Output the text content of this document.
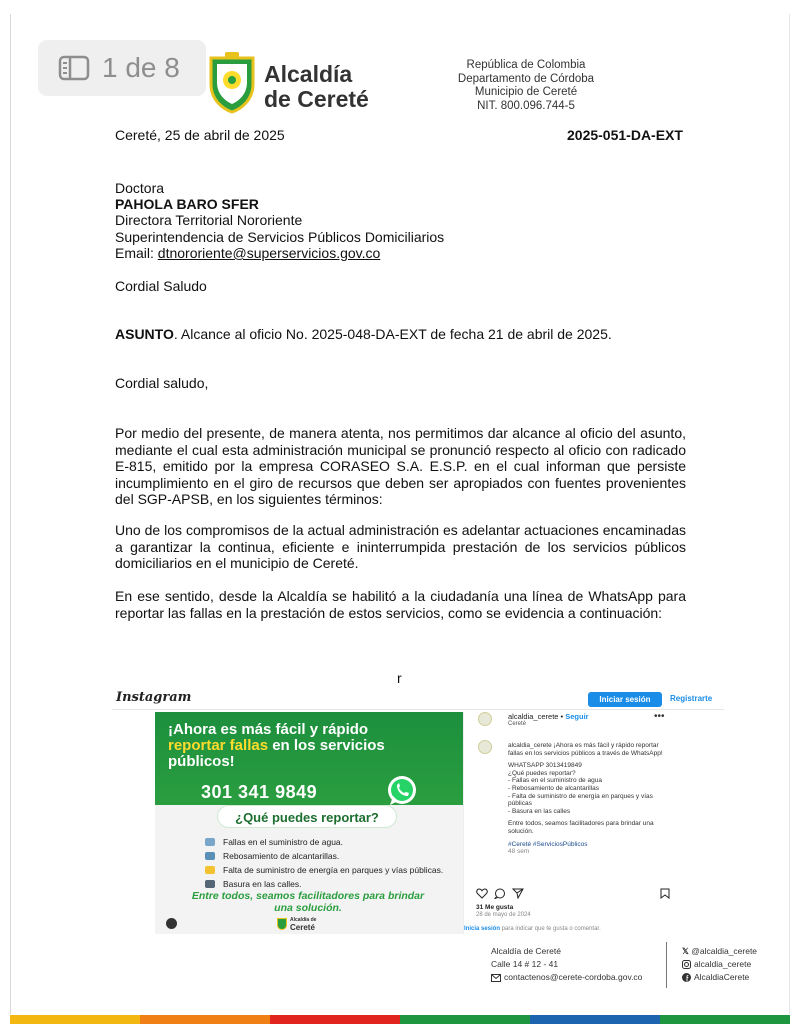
1 de 8	Alcaldía
de Cereté
República de Colombia
Departamento de Córdoba
Municipio de Cereté
NIT. 800.096.744-5
Cereté, 25 de abril de 2025	2025-051-DA-EXT
Doctora
PAHOLA BARO SFER
Directora Territorial Nororiente
Superintendencia de Servicios Públicos Domiciliarios
Email: dtnororiente@superservicios.gov.co
Cordial Saludo
ASUNTO. Alcance al oficio No. 2025-048-DA-EXT de fecha 21 de abril de 2025.
Cordial saludo,
Por medio del presente, de manera atenta, nos permitimos dar alcance al oficio del asunto, mediante el cual esta administración municipal se pronunció respecto al oficio con radicado E-815, emitido por la empresa CORASEO S.A. E.S.P. en el cual informan que persiste incumplimiento en el giro de recursos que deben ser apropiados con fuentes provenientes del SGP-APSB, en los siguientes términos:
Uno de los compromisos de la actual administración es adelantar actuaciones encaminadas a garantizar la continua, eficiente e ininterrumpida prestación de los servicios públicos domiciliarios en el municipio de Cereté.
En ese sentido, desde la Alcaldía se habilitó a la ciudadanía una línea de WhatsApp para reportar las fallas en la prestación de estos servicios, como se evidencia a continuación:
r
Instagram	Iniciar sesión	Registrarte
¡Ahora es más fácil y rápido
reportar fallas en los servicios
públicos!
301 341 9849
¿Qué puedes reportar?
Fallas en el suministro de agua.
Rebosamiento de alcantarillas.
Falta de suministro de energía en parques y vías públicas.
Basura en las calles.
Entre todos, seamos facilitadores para brindar una solución.
Alcaldía de
Cereté
alcaldia_cerete • Seguir
Cereté
•••

alcaldia_cerete ¡Ahora es más fácil y rápido reportar fallas en los servicios públicos a través de WhatsApp!

WHATSAPP 3013419849
¿Qué puedes reportar?
- Fallas en el suministro de agua
- Rebosamiento de alcantarillas
- Falta de suministro de energía en parques y vías públicas

- Basura en las calles

Entre todos, seamos facilitadores para brindar una solución.

#Cereté #ServiciosPúblicos
48 sem
31 Me gusta
28 de mayo de 2024
Inicia sesión para indicar que te gusta o comentar.
Alcaldía de Cereté
Calle 14 # 12 - 41
contactenos@cerete-cordoba.gov.co
𝕏 @alcaldia_cerete
alcaldia_cerete
AlcaldiaCerete
